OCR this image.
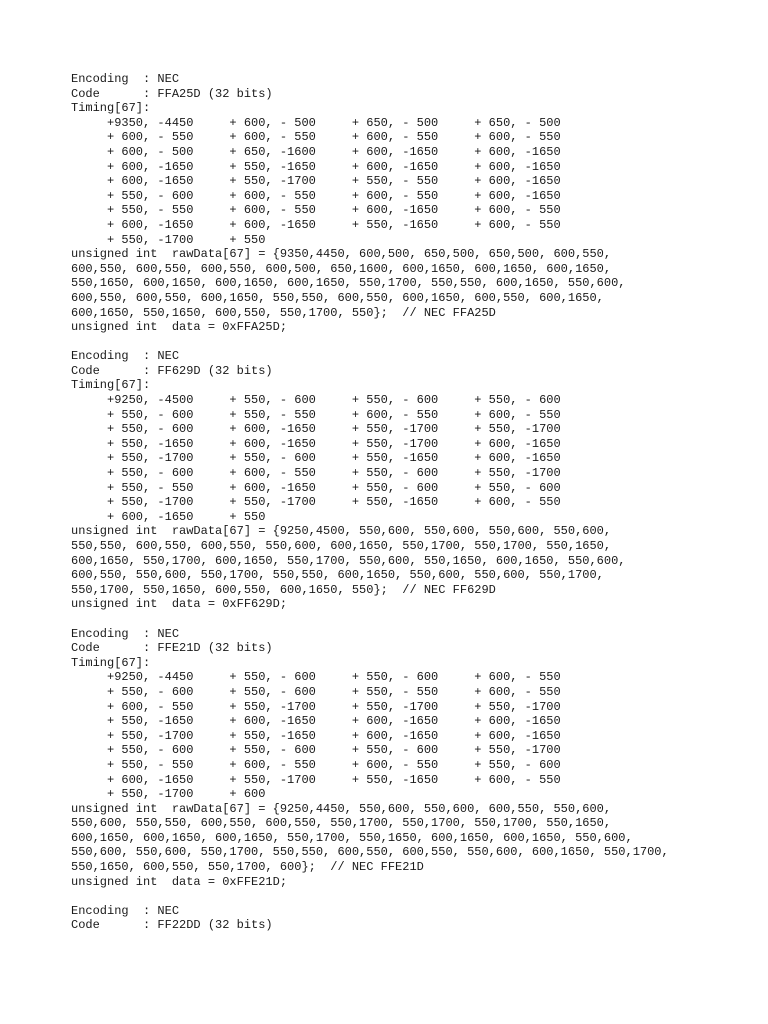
Encoding  : NEC
Code      : FFA25D (32 bits)
Timing[67]:
+9350, -4450     + 600, - 500     + 650, - 500     + 650, - 500
+ 600, - 550     + 600, - 550     + 600, - 550     + 600, - 550
+ 600, - 500     + 650, -1600     + 600, -1650     + 600, -1650
+ 600, -1650     + 550, -1650     + 600, -1650     + 600, -1650
+ 600, -1650     + 550, -1700     + 550, - 550     + 600, -1650
+ 550, - 600     + 600, - 550     + 600, - 550     + 600, -1650
+ 550, - 550     + 600, - 550     + 600, -1650     + 600, - 550
+ 600, -1650     + 600, -1650     + 550, -1650     + 600, - 550
+ 550, -1700     + 550
unsigned int  rawData[67] = {9350,4450, 600,500, 650,500, 650,500, 600,550,
600,550, 600,550, 600,550, 600,500, 650,1600, 600,1650, 600,1650, 600,1650,
550,1650, 600,1650, 600,1650, 600,1650, 550,1700, 550,550, 600,1650, 550,600,
600,550, 600,550, 600,1650, 550,550, 600,550, 600,1650, 600,550, 600,1650,
600,1650, 550,1650, 600,550, 550,1700, 550};  // NEC FFA25D
unsigned int  data = 0xFFA25D;
Encoding  : NEC
Code      : FF629D (32 bits)
Timing[67]:
+9250, -4500     + 550, - 600     + 550, - 600     + 550, - 600
+ 550, - 600     + 550, - 550     + 600, - 550     + 600, - 550
+ 550, - 600     + 600, -1650     + 550, -1700     + 550, -1700
+ 550, -1650     + 600, -1650     + 550, -1700     + 600, -1650
+ 550, -1700     + 550, - 600     + 550, -1650     + 600, -1650
+ 550, - 600     + 600, - 550     + 550, - 600     + 550, -1700
+ 550, - 550     + 600, -1650     + 550, - 600     + 550, - 600
+ 550, -1700     + 550, -1700     + 550, -1650     + 600, - 550
+ 600, -1650     + 550
unsigned int  rawData[67] = {9250,4500, 550,600, 550,600, 550,600, 550,600,
550,550, 600,550, 600,550, 550,600, 600,1650, 550,1700, 550,1700, 550,1650,
600,1650, 550,1700, 600,1650, 550,1700, 550,600, 550,1650, 600,1650, 550,600,
600,550, 550,600, 550,1700, 550,550, 600,1650, 550,600, 550,600, 550,1700,
550,1700, 550,1650, 600,550, 600,1650, 550};  // NEC FF629D
unsigned int  data = 0xFF629D;
Encoding  : NEC
Code      : FFE21D (32 bits)
Timing[67]:
+9250, -4450     + 550, - 600     + 550, - 600     + 600, - 550
+ 550, - 600     + 550, - 600     + 550, - 550     + 600, - 550
+ 600, - 550     + 550, -1700     + 550, -1700     + 550, -1700
+ 550, -1650     + 600, -1650     + 600, -1650     + 600, -1650
+ 550, -1700     + 550, -1650     + 600, -1650     + 600, -1650
+ 550, - 600     + 550, - 600     + 550, - 600     + 550, -1700
+ 550, - 550     + 600, - 550     + 600, - 550     + 550, - 600
+ 600, -1650     + 550, -1700     + 550, -1650     + 600, - 550
+ 550, -1700     + 600
unsigned int  rawData[67] = {9250,4450, 550,600, 550,600, 600,550, 550,600,
550,600, 550,550, 600,550, 600,550, 550,1700, 550,1700, 550,1700, 550,1650,
600,1650, 600,1650, 600,1650, 550,1700, 550,1650, 600,1650, 600,1650, 550,600,
550,600, 550,600, 550,1700, 550,550, 600,550, 600,550, 550,600, 600,1650, 550,1700,
550,1650, 600,550, 550,1700, 600};  // NEC FFE21D
unsigned int  data = 0xFFE21D;
Encoding  : NEC
Code      : FF22DD (32 bits)
